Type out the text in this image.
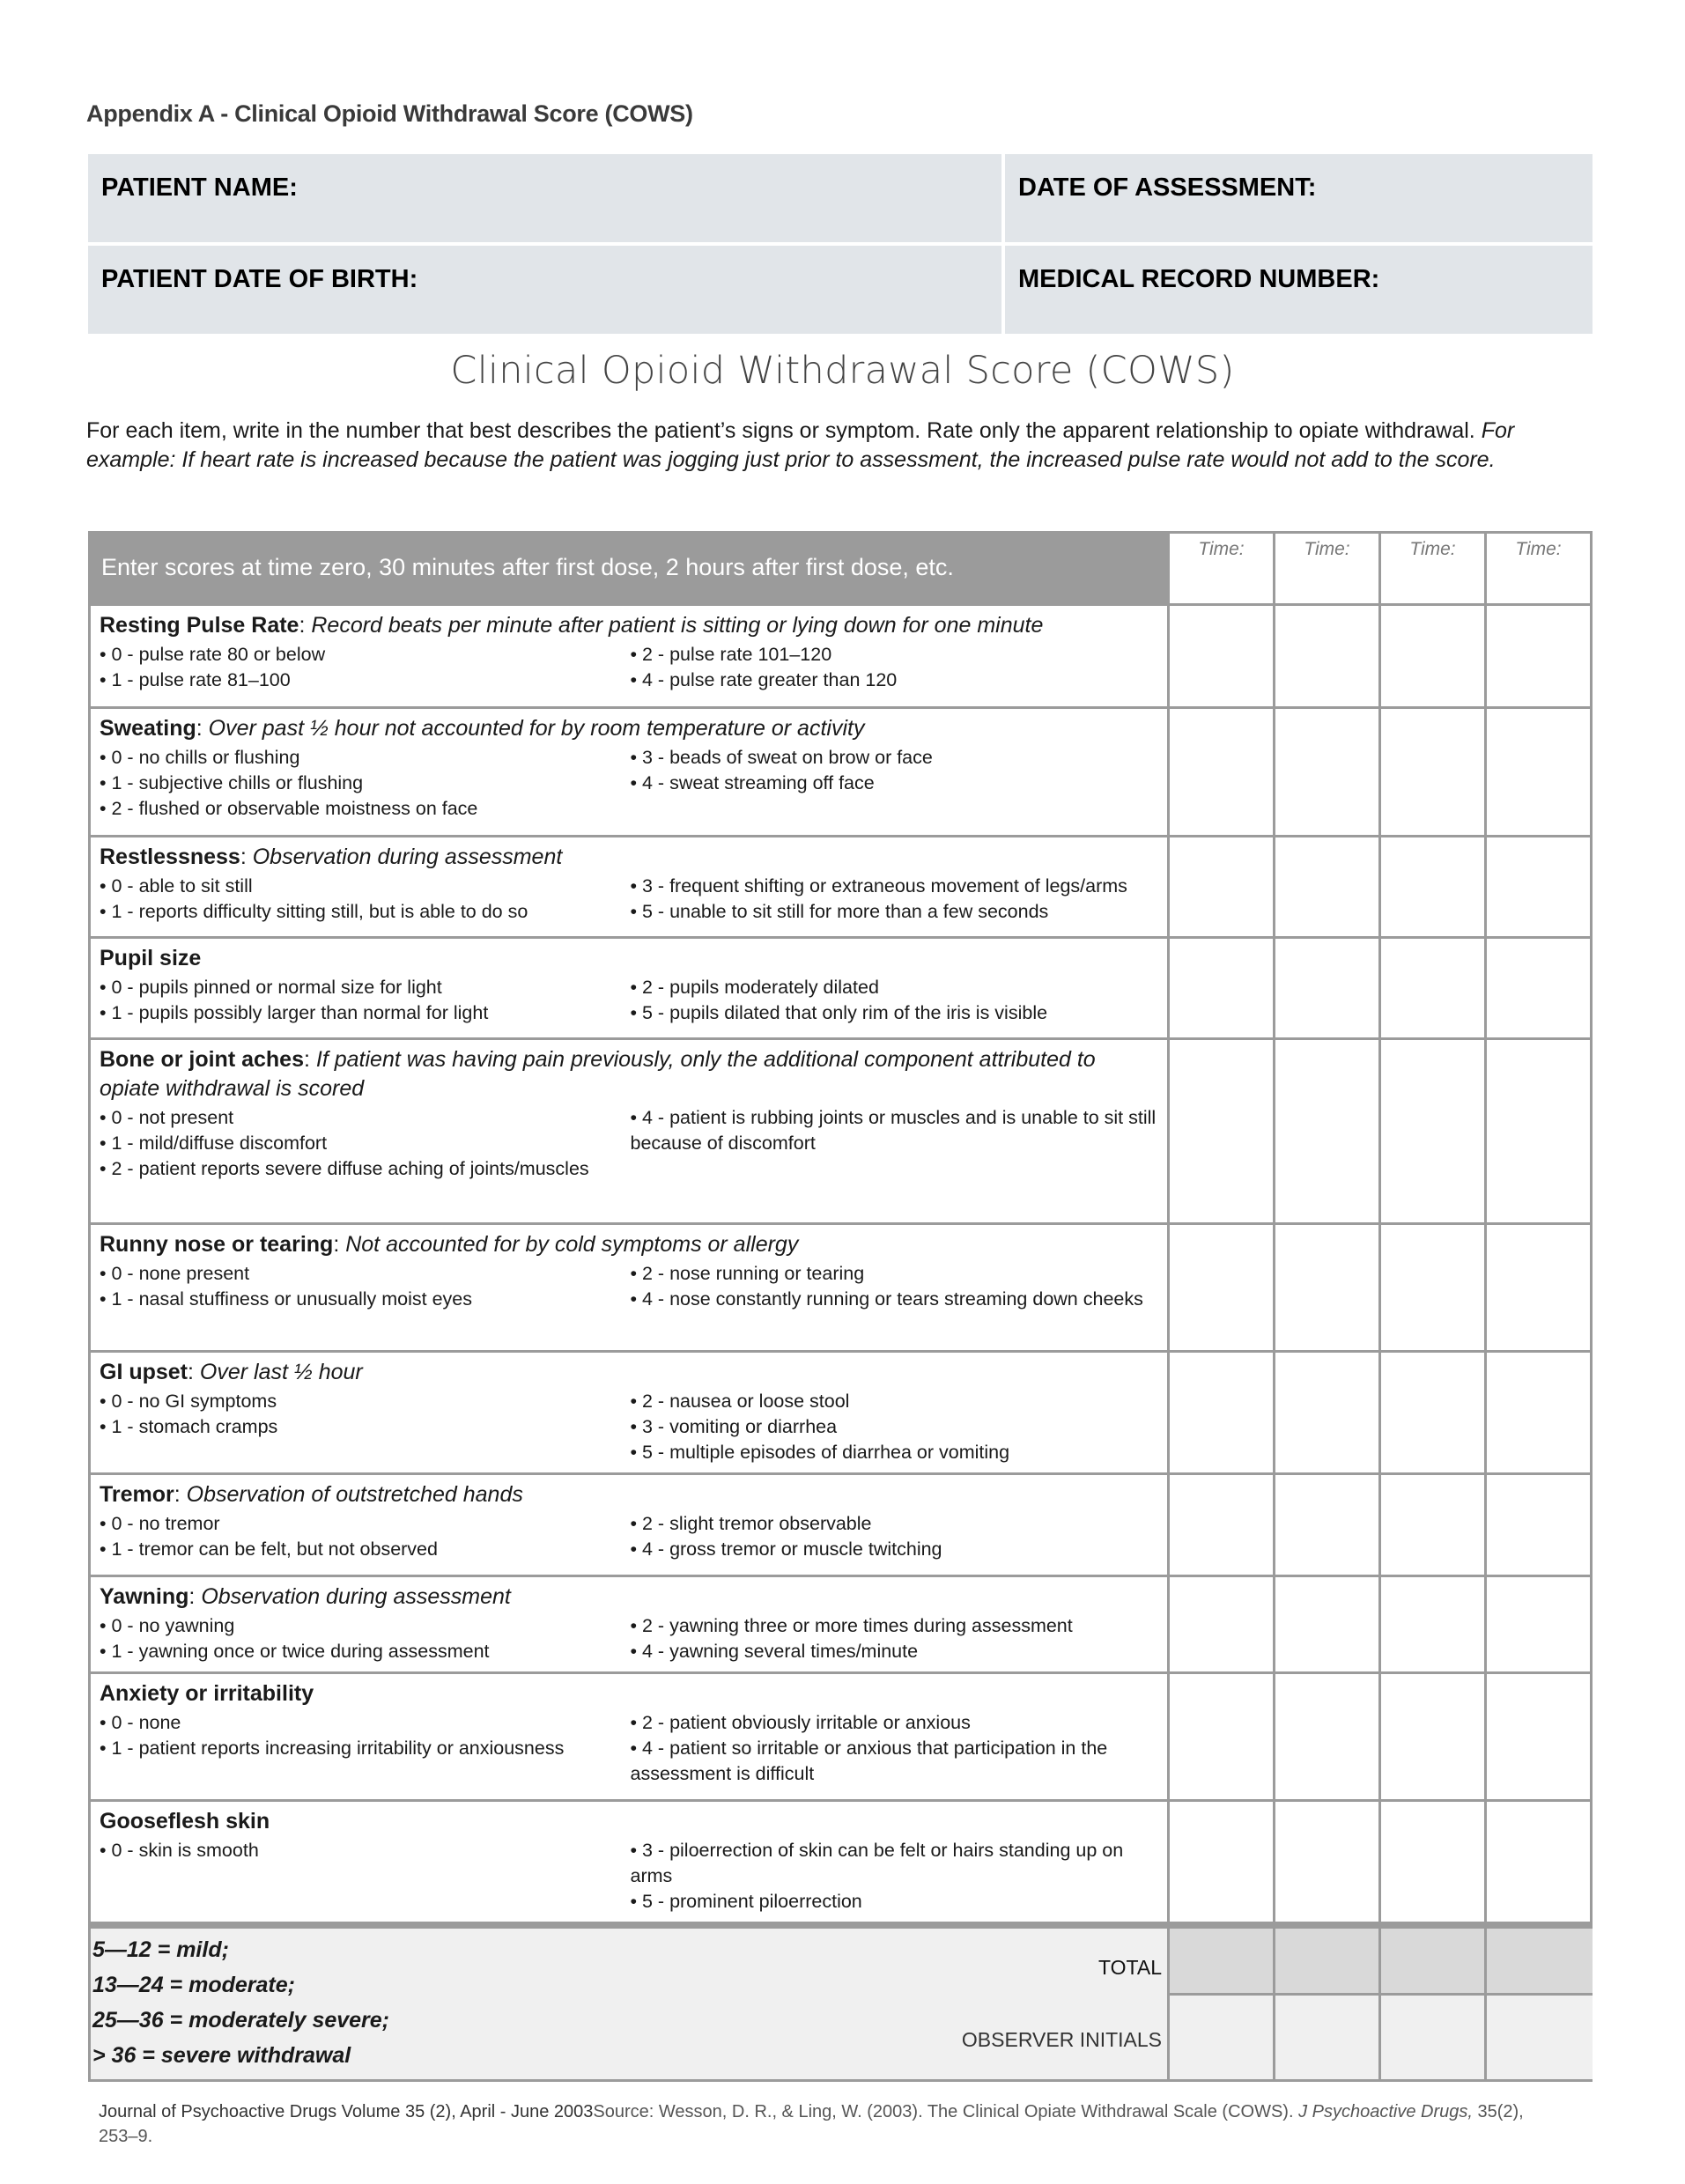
Appendix A - Clinical Opioid Withdrawal Score (COWS)
PATIENT NAME:	DATE OF ASSESSMENT:
PATIENT DATE OF BIRTH:	MEDICAL RECORD NUMBER:
Clinical Opioid Withdrawal Score (COWS)
For each item, write in the number that best describes the patient’s signs or symptom. Rate only the apparent relationship to opiate withdrawal. For example: If heart rate is increased because the patient was jogging just prior to assessment, the increased pulse rate would not add to the score.
Enter scores at time zero, 30 minutes after first dose, 2 hours after first dose, etc.
Time:	Time:	Time:	Time:
Resting Pulse Rate: Record beats per minute after patient is sitting or lying down for one minute
• 0 - pulse rate 80 or below
• 1 - pulse rate 81–100
• 2 - pulse rate 101–120
• 4 - pulse rate greater than 120
Sweating: Over past ½ hour not accounted for by room temperature or activity
• 0 - no chills or flushing
• 1 - subjective chills or flushing
• 2 - flushed or observable moistness on face
• 3 - beads of sweat on brow or face
• 4 - sweat streaming off face
Restlessness: Observation during assessment
• 0 - able to sit still
• 1 - reports difficulty sitting still, but is able to do so
• 3 - frequent shifting or extraneous movement of legs/arms
• 5 - unable to sit still for more than a few seconds
Pupil size
• 0 - pupils pinned or normal size for light
• 1 - pupils possibly larger than normal for light
• 2 - pupils moderately dilated
• 5 - pupils dilated that only rim of the iris is visible
Bone or joint aches: If patient was having pain previously, only the additional component attributed to opiate withdrawal is scored
• 0 - not present
• 1 - mild/diffuse discomfort
• 2 - patient reports severe diffuse aching of joints/muscles
• 4 - patient is rubbing joints or muscles and is unable to sit still because of discomfort
Runny nose or tearing: Not accounted for by cold symptoms or allergy
• 0 - none present
• 1 - nasal stuffiness or unusually moist eyes
• 2 - nose running or tearing
• 4 - nose constantly running or tears streaming down cheeks
GI upset: Over last ½ hour
• 0 - no GI symptoms
• 1 - stomach cramps
• 2 - nausea or loose stool
• 3 - vomiting or diarrhea
• 5 - multiple episodes of diarrhea or vomiting
Tremor: Observation of outstretched hands
• 0 - no tremor
• 1 - tremor can be felt, but not observed
• 2 - slight tremor observable
• 4 - gross tremor or muscle twitching
Yawning: Observation during assessment
• 0 - no yawning
• 1 - yawning once or twice during assessment
• 2 - yawning three or more times during assessment
• 4 - yawning several times/minute
Anxiety or irritability
• 0 - none
• 1 - patient reports increasing irritability or anxiousness
• 2 - patient obviously irritable or anxious
• 4 - patient so irritable or anxious that participation in the assessment is difficult
Gooseflesh skin
• 0 - skin is smooth	• 3 - piloerrection of skin can be felt or hairs standing up on arms
• 5 - prominent piloerrection
5—12 = mild;
13—24 = moderate;
25—36 = moderately severe;
> 36 = severe withdrawal
TOTAL
OBSERVER INITIALS
Journal of Psychoactive Drugs Volume 35 (2), April - June 2003Source: Wesson, D. R., & Ling, W. (2003). The Clinical Opiate Withdrawal Scale (COWS). J Psychoactive Drugs, 35(2), 253–9.
